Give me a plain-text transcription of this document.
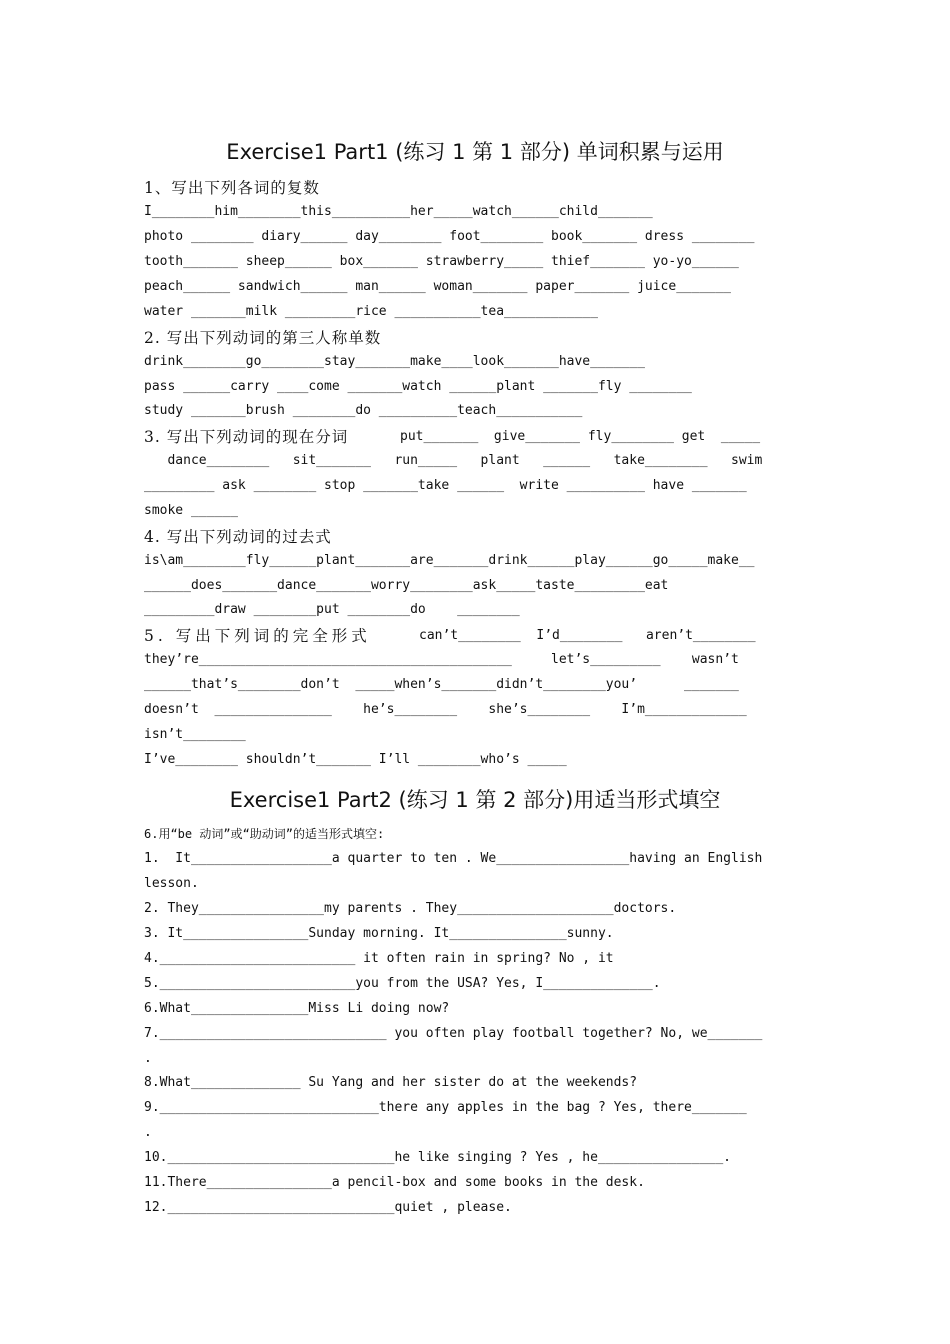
Exercise1 Part1 (练习 1 第 1 部分) 单词积累与运用
1、写出下列各词的复数
I________him________this__________her_____watch______child_______
photo ________ diary______ day________ foot________ book_______ dress ________
tooth_______ sheep______ box_______ strawberry_____ thief_______ yo-yo______
peach______ sandwich______ man______ woman_______ paper_______ juice_______
water _______milk _________rice ___________tea____________
2. 写出下列动词的第三人称单数
drink________go________stay_______make____look_______have_______
pass ______carry ____come _______watch ______plant _______fly ________
study _______brush ________do __________teach___________
3. 写出下列动词的现在分词	put_______  give_______ fly________ get  _____
dance________   sit_______   run_____   plant   ______   take________   swim
_________ ask ________ stop _______take ______  write __________ have _______
smoke ______
4. 写出下列动词的过去式
is\am________fly______plant_______are_______drink______play______go_____make__
______does_______dance_______worry________ask_____taste_________eat
_________draw ________put ________do    ________
5. 写出下列词的完全形式	can’t________  I’d________   aren’t________
they’re________________________________________     let’s_________    wasn’t
______that’s________don’t  _____when’s_______didn’t________you’      _______
doesn’t  _______________    he’s________    she’s________    I’m_____________
isn’t________
I’ve________ shouldn’t_______ I’ll ________who’s _____
Exercise1 Part2 (练习 1 第 2 部分)用适当形式填空
6.用“be 动词”或“助动词”的适当形式填空:
1.  It__________________a quarter to ten . We_________________having an English
lesson.
2. They________________my parents . They____________________doctors.
3. It________________Sunday morning. It_______________sunny.
4._________________________ it often rain in spring? No , it
5._________________________you from the USA? Yes, I______________.
6.What_______________Miss Li doing now?
7._____________________________ you often play football together? No, we_______
.
8.What______________ Su Yang and her sister do at the weekends?
9.____________________________there any apples in the bag ? Yes, there_______
.
10._____________________________he like singing ? Yes , he________________.
11.There________________a pencil-box and some books in the desk.
12._____________________________quiet , please.
